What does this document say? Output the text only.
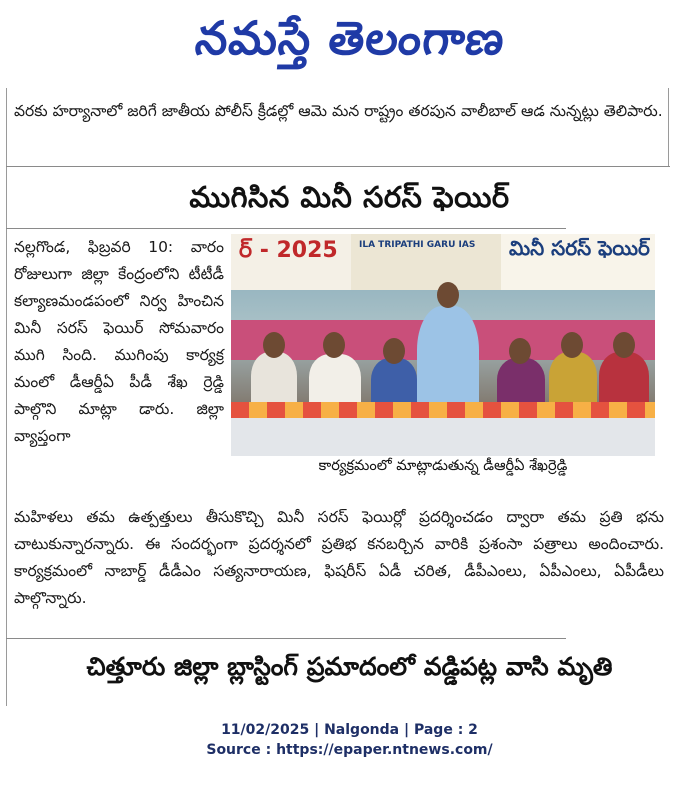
నమస్తే తెలంగాణ

వరకు హర్యానాలో జరిగే జాతీయ పోలీస్ క్రీడల్లో ఆమె మన రాష్ట్రం తరపున వాలీబాల్ ఆడ నున్నట్లు తెలిపారు.

ముగిసిన మినీ సరస్ ఫెయిర్

నల్లగొండ, ఫిబ్రవరి 10: వారం రోజులుగా జిల్లా కేంద్రంలోని టీటీడీ కల్యాణమండపంలో నిర్వ హించిన మినీ సరస్ ఫెయిర్ సోమవారం ముగి సింది. ముగింపు కార్యక్ర మంలో డీఆర్డీఏ పీడీ శేఖ ర్రెడ్డి పాల్గొని మాట్లా డారు. జిల్లా వ్యాప్తంగా

ర్ - 2025 ILA TRIPATHI GARU IAS మినీ సరస్ ఫెయిర్
కార్యక్రమంలో మాట్లాడుతున్న డీఆర్డీఏ శేఖర్రెడ్డి

మహిళలు తమ ఉత్పత్తులు తీసుకొచ్చి మినీ సరస్ ఫెయిర్లో ప్రదర్శించడం ద్వారా తమ ప్రతి భను చాటుకున్నారన్నారు. ఈ సందర్భంగా ప్రదర్శనలో ప్రతిభ కనబర్చిన వారికి ప్రశంసా పత్రాలు అందించారు. కార్యక్రమంలో నాబార్డ్ డీడీఎం సత్యనారాయణ, ఫిషరీస్ ఏడీ చరిత, డీపీఎంలు, ఏపీఎంలు, ఏపీడీలు పాల్గొన్నారు.

చిత్తూరు జిల్లా బ్లాస్టింగ్ ప్రమాదంలో వడ్డిపట్ల వాసి మృతి
11/02/2025 | Nalgonda | Page : 2
Source : https://epaper.ntnews.com/
